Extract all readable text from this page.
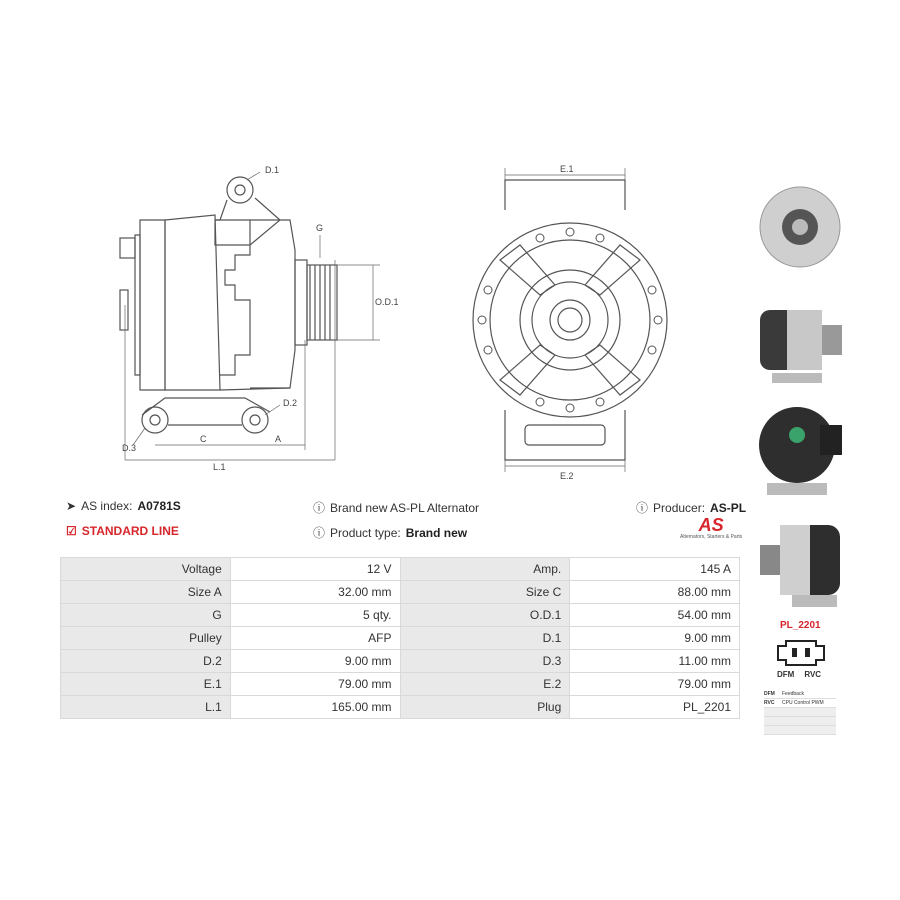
D.1
G
O.D.1
D.2
D.3
C	A
L.1
E.1
E.2
PL_2201
DFM RVC
DFM	Feedback
RVC	CPU Control PWM
➤ AS index: A0781S
☑ STANDARD LINE
ⓘ Brand new AS-PL Alternator
ⓘ Product type: Brand new
ⓘ Producer: AS-PL
AS
Alternators, Starters & Parts
Voltage	12 V	Amp.	145 A
Size A	32.00 mm	Size C	88.00 mm
G	5 qty.	O.D.1	54.00 mm
Pulley	AFP	D.1	9.00 mm
D.2	9.00 mm	D.3	11.00 mm
E.1	79.00 mm	E.2	79.00 mm
L.1	165.00 mm	Plug	PL_2201
